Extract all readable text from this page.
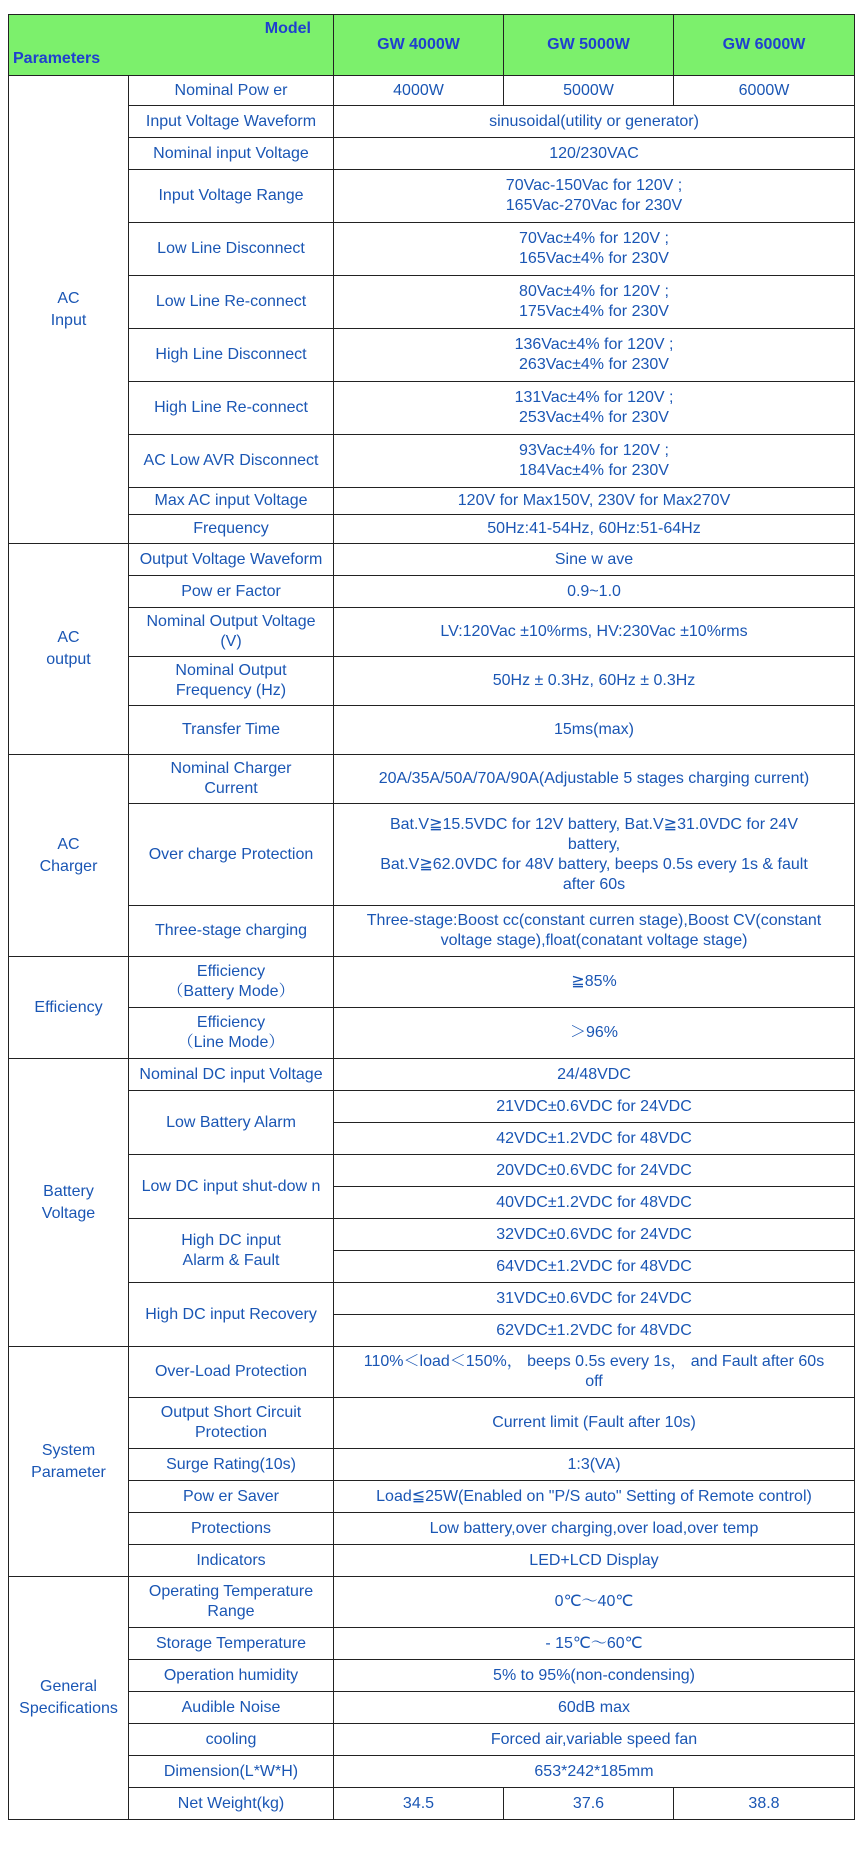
Model
Parameters		GW 4000W	GW 5000W	GW 6000W
AC
Input	Nominal Pow er	4000W	5000W	6000W
	Input Voltage Waveform	sinusoidal(utility or generator)		
	Nominal input Voltage	120/230VAC		
	Input Voltage Range	70Vac-150Vac for 120V ;
165Vac-270Vac for 230V		
	Low Line Disconnect	70Vac±4% for 120V ;
165Vac±4% for 230V		
	Low Line Re-connect	80Vac±4% for 120V ;
175Vac±4% for 230V		
	High Line Disconnect	136Vac±4% for 120V ;
263Vac±4% for 230V		
	High Line Re-connect	131Vac±4% for 120V ;
253Vac±4% for 230V		
	AC Low AVR Disconnect	93Vac±4% for 120V ;
184Vac±4% for 230V		
	Max AC input Voltage	120V for Max150V, 230V for Max270V		
	Frequency	50Hz:41-54Hz, 60Hz:51-64Hz		

AC
output	Output Voltage Waveform	Sine w ave		
	Pow er Factor	0.9~1.0		
	Nominal Output Voltage
(V)	LV:120Vac ±10%rms, HV:230Vac ±10%rms		
	Nominal Output
Frequency (Hz)	50Hz ± 0.3Hz, 60Hz ± 0.3Hz		
	Transfer Time	15ms(max)		
AC
Charger	Nominal Charger
Current	20A/35A/50A/70A/90A(Adjustable 5 stages charging current)		
	Over charge Protection	Bat.V≧15.5VDC for 12V battery, Bat.V≧31.0VDC for 24V
battery,
Bat.V≧62.0VDC for 48V battery, beeps 0.5s every 1s & fault
after 60s		
	Three-stage charging	Three-stage:Boost cc(constant curren stage),Boost CV(constant
voltage stage),float(conatant voltage stage)		
Efficiency	Efficiency
（Battery Mode）	≧85%		
	Efficiency
（Line Mode）	＞96%		
Battery
Voltage	Nominal DC input Voltage	24/48VDC		
	Low Battery Alarm	21VDC±0.6VDC for 24VDC		
		42VDC±1.2VDC for 48VDC		
	Low DC input shut-dow n	20VDC±0.6VDC for 24VDC		
		40VDC±1.2VDC for 48VDC		
	High DC input
Alarm & Fault	32VDC±0.6VDC for 24VDC		
		64VDC±1.2VDC for 48VDC		
	High DC input Recovery	31VDC±0.6VDC for 24VDC		
		62VDC±1.2VDC for 48VDC		
System
Parameter	Over-Load Protection	110%＜load＜150%， beeps 0.5s every 1s， and Fault after 60s
off		
	Output Short Circuit
Protection	Current limit (Fault after 10s)		
	Surge Rating(10s)	1:3(VA)		
	Pow er Saver	Load≦25W(Enabled on "P/S auto" Setting of Remote control)		
	Protections	Low battery,over charging,over load,over temp		
	Indicators	LED+LCD Display		
General
Specifications	Operating Temperature
Range	0℃～40℃		
	Storage Temperature	- 15℃～60℃		
	Operation humidity	5% to 95%(non-condensing)		
	Audible Noise	60dB max		
	cooling	Forced air,variable speed fan		
	Dimension(L*W*H)	653*242*185mm		
	Net Weight(kg)	34.5	37.6	38.8
